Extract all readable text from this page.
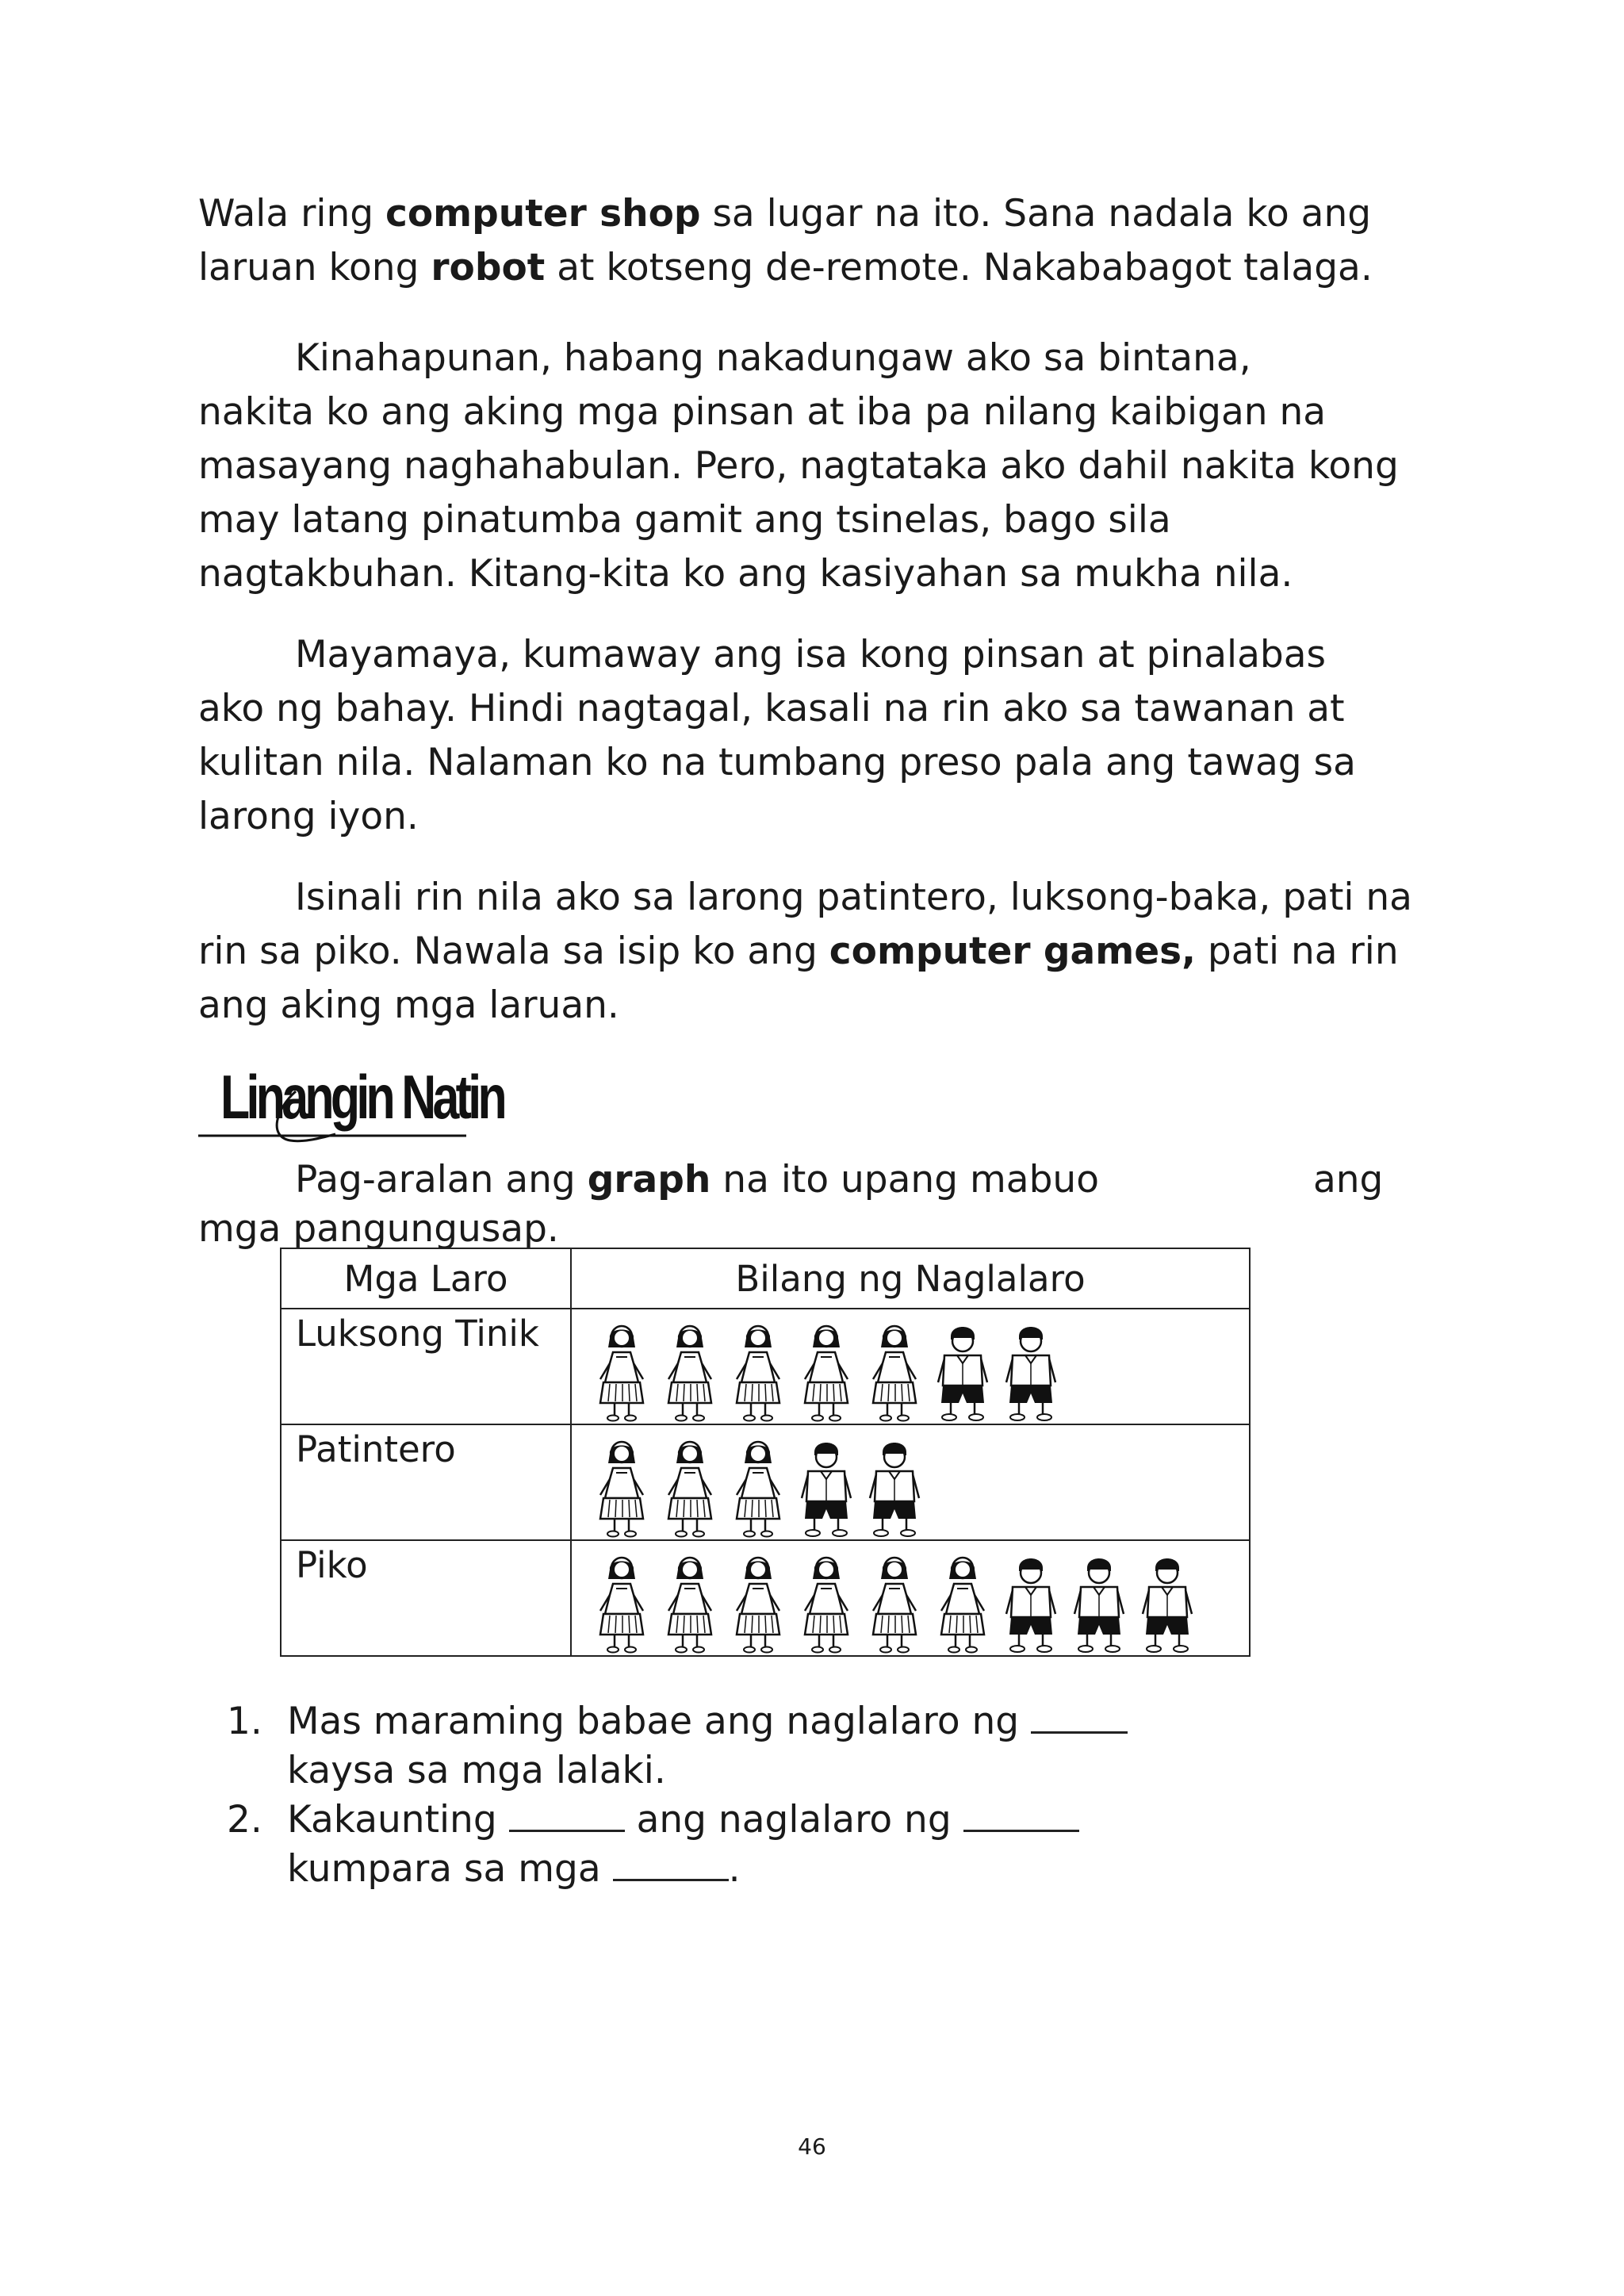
Wala ring computer shop sa lugar na ito. Sana nadala ko ang
laruan kong robot at kotseng de-remote. Nakababagot talaga.

Kinahapunan, habang nakadungaw ako sa bintana,
nakita ko ang aking mga pinsan at iba pa nilang kaibigan na
masayang naghahabulan. Pero, nagtataka ako dahil nakita kong
may latang pinatumba gamit ang tsinelas, bago sila
nagtakbuhan. Kitang-kita ko ang kasiyahan sa mukha nila.

Mayamaya, kumaway ang isa kong pinsan at pinalabas
ako ng bahay. Hindi nagtagal, kasali na rin ako sa tawanan at
kulitan nila. Nalaman ko na tumbang preso pala ang tawag sa
larong iyon.

Isinali rin nila ako sa larong patintero, luksong-baka, pati na
rin sa piko. Nawala sa isip ko ang computer games, pati na rin
ang aking mga laruan.

Linangin Natin

Pag-aralan ang graph na ito upang mabuo	ang
mga pangungusap.

Mga Laro	Bilang ng Naglalaro
Luksong Tinik	

Patintero	

Piko	
1. Mas maraming babae ang naglalaro ng
kaysa sa mga lalaki.
2. Kakaunting	ang naglalaro ng
kumpara sa mga	.
46
